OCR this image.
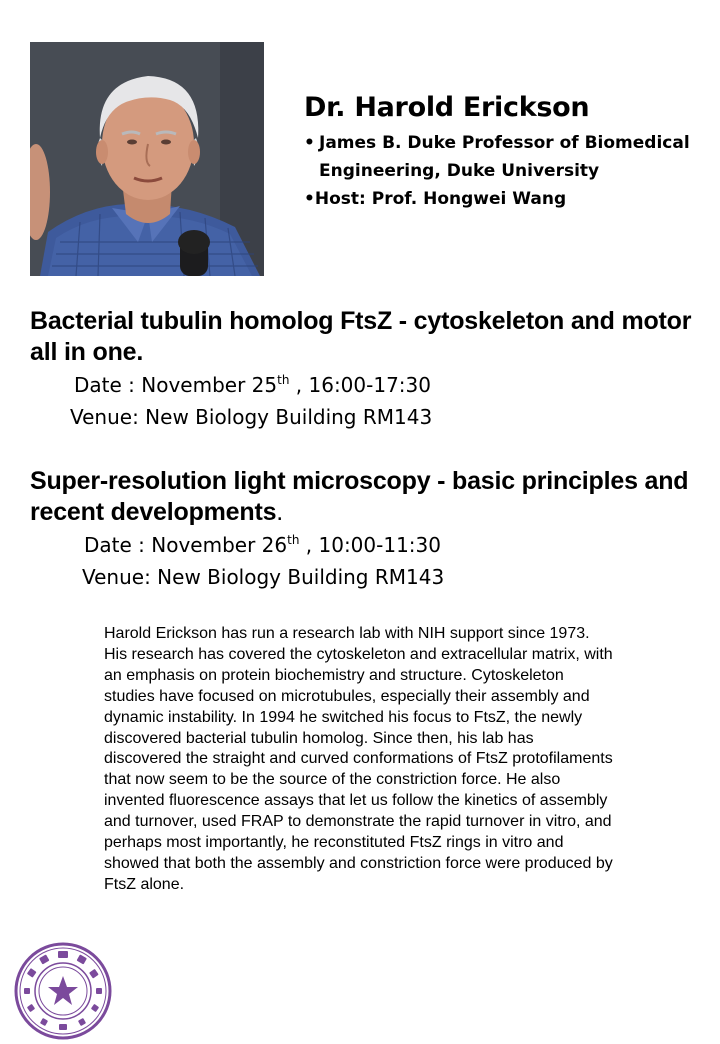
Dr. Harold Erickson

• James B. Duke Professor of Biomedical Engineering, Duke University

•Host: Prof. Hongwei Wang

Bacterial tubulin homolog FtsZ - cytoskeleton and motor all in one.

Date : November 25th , 16:00-17:30

Venue: New Biology Building RM143

Super-resolution light microscopy - basic principles and recent developments.

Date : November 26th , 10:00-11:30

Venue: New Biology Building RM143

Harold Erickson has run a research lab with NIH support since 1973. His research has covered the cytoskeleton and extracellular matrix, with an emphasis on protein biochemistry and structure. Cytoskeleton studies have focused on microtubules, especially their assembly and dynamic instability. In 1994 he switched his focus to FtsZ, the newly discovered bacterial tubulin homolog. Since then, his lab has discovered the straight and curved conformations of FtsZ protofilaments that now seem to be the source of the constriction force. He also invented fluorescence assays that let us follow the kinetics of assembly and turnover, used FRAP to demonstrate the rapid turnover in vitro, and perhaps most importantly, he reconstituted FtsZ rings in vitro and showed that both the assembly and constriction force were produced by FtsZ alone.
